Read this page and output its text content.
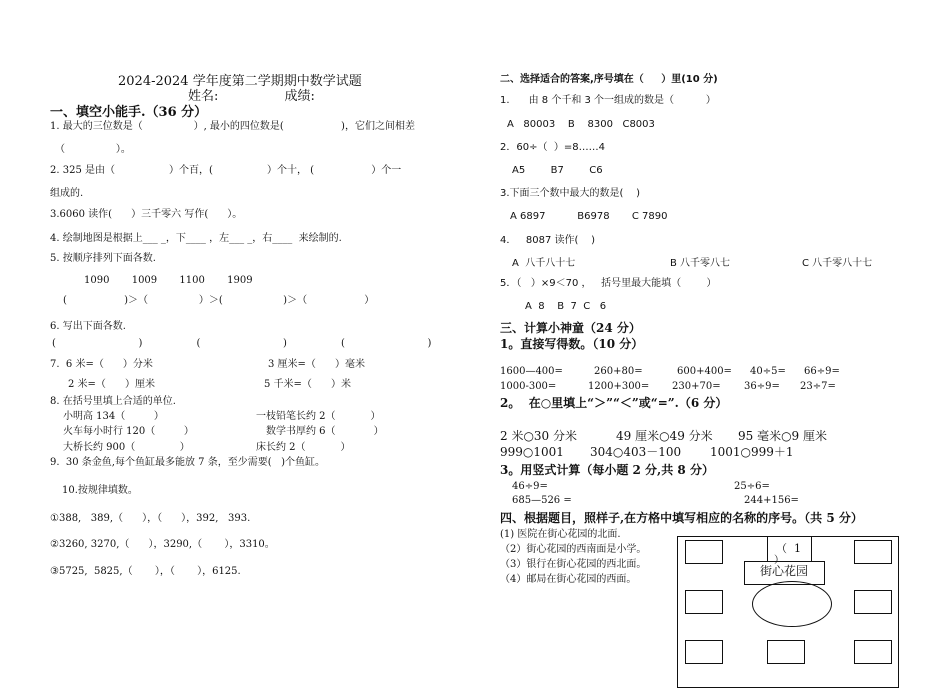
2024-2024 学年度第二学期期中数学试题
姓名:                成绩:
一、填空小能手.（36 分）
1. 最大的三位数是（                ）, 最小的四位数是(                  )，它们之间相差
（                ）。
2. 325 是由（                 ）个百，(                 ）个十， (                  ）个一
组成的.
3.6060 读作(      ）三千零六 写作(      ）。
4. 绘制地图是根据上___ _，下____ ，左___ _，右____  来绘制的.
5. 按顺序排列下面各数.
1090       1009       1100       1909
(                  )＞（                ）＞(                   )＞（                  ）
6. 写出下面各数.
(                          )                 (                          )                 (                          )
7.  6 米=（      ）分米	3 厘米=（      ）毫米
2 米=（      ）厘米	5 千米=（      ）米
8. 在括号里填上合适的单位.
小明高 134（         ）	一枝铅笔长约 2（           ）
火车每小时行 120（         ）	数学书厚约 6（            ）
大桥长约 900（              ）	床长约 2（           ）
9.  30 条金鱼,每个鱼缸最多能放 7 条，至少需要(   )个鱼缸。
10.按规律填数。
①388,   389,（      ），（      ），392,   393.
②3260, 3270,（      ），3290,（       ），3310。
③5725,  5825,（       ），（       ），6125.
二、选择适合的答案,序号填在（     ）里(10 分)
1.      由 8 个千和 3 个一组成的数是（          ）
A   80003    B    8300   C8003
2．60÷（  ）=8……4
A5        B7        C6
3.下面三个数中最大的数是(    )
A 6897          B6978       C 7890
4．   8087 读作(    )
A  八千八十七	B 八千零八七	C 八千零八十七
5．（   ）×9＜70 ，   括号里最大能填（        ）
A  8    B  7  C   6
三、计算小神童（24 分）
1。直接写得数。（10 分）
1600—400=	260+80=	600+400= 40÷5= 66÷9=
1000-300=	1200+300= 230+70= 36÷9= 23÷7=
2。  在○里填上“＞”“＜”或“=”.（6 分）
2 米○30 分米	49 厘米○49 分米 95 毫米○9 厘米
999○1001 304○403－100 1001○999＋1
3。用竖式计算（每小题 2 分,共 8 分）
46÷9=	25÷6=
685—526 =	244+156=
四、根据题目，照样子,在方格中填写相应的名称的序号。（共 5 分）
(1) 医院在街心花园的北面.
（2）街心花园的西南面是小学。
（3）银行在街心花园的西北面。
（4）邮局在街心花园的西面。
（  1
）
街心花园
